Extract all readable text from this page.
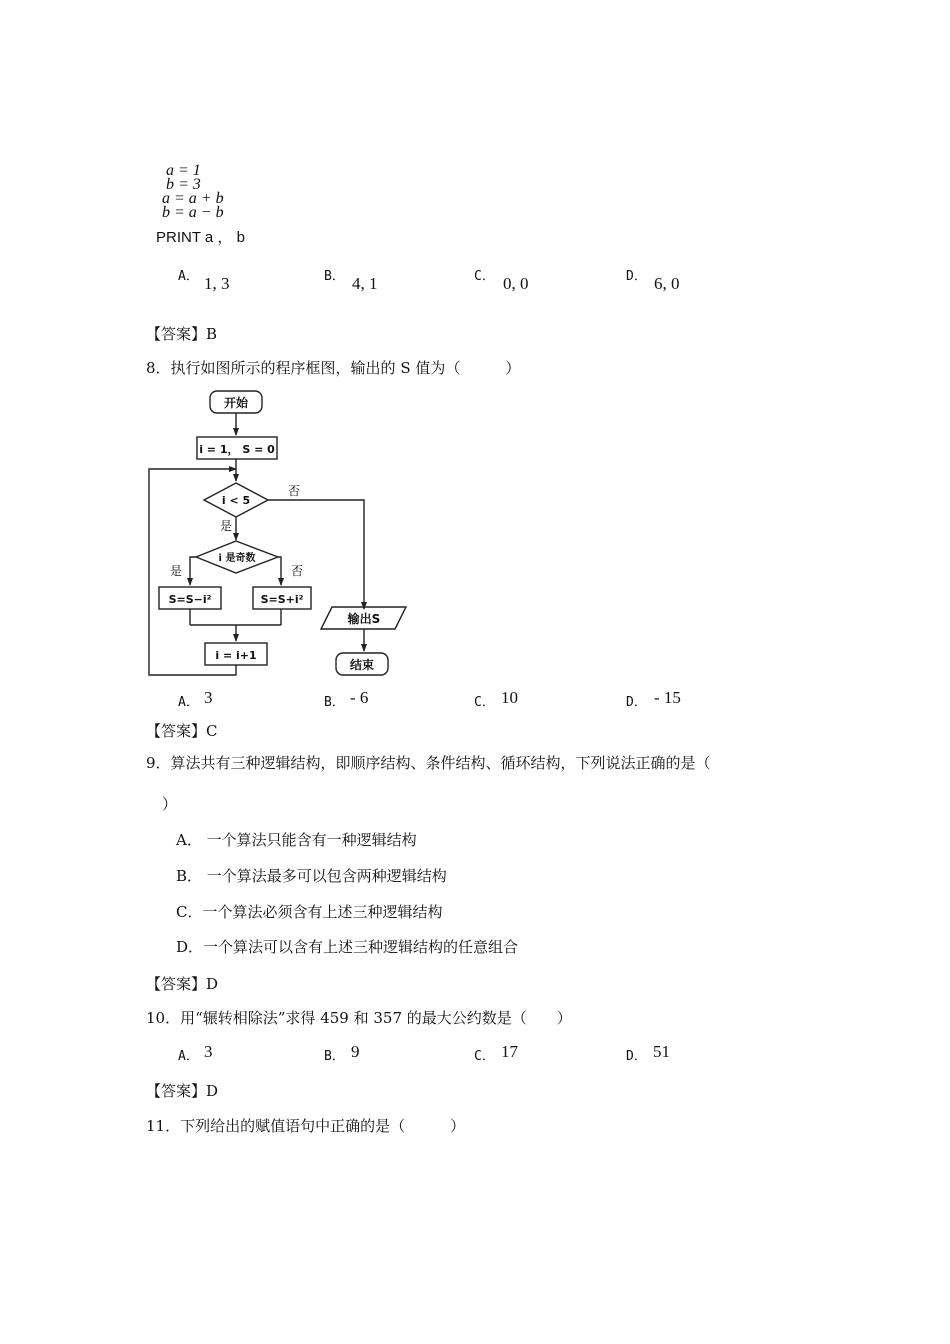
a = 1
b = 3
a = a + b
b = a − b
PRINT a ， b
A． 1, 3	B． 4, 1	C． 0, 0	D． 6, 0
【答案】B
8．执行如图所示的程序框图，输出的 S 值为（　　　）
开始
i = 1， S = 0
i < 5
否
是
i 是奇数
是	否
S=S−i²	S=S+i²
i = i+1
输出S
结束
A． 3	B． - 6	C． 10	D． - 15
【答案】C
9．算法共有三种逻辑结构，即顺序结构、条件结构、循环结构，下列说法正确的是（
）
A． 一个算法只能含有一种逻辑结构
B． 一个算法最多可以包含两种逻辑结构
C．一个算法必须含有上述三种逻辑结构
D．一个算法可以含有上述三种逻辑结构的任意组合
【答案】D
10．用“辗转相除法”求得 459 和 357 的最大公约数是（　　）
A． 3	B． 9	C． 17	D． 51
【答案】D
11．下列给出的赋值语句中正确的是（　　　）
